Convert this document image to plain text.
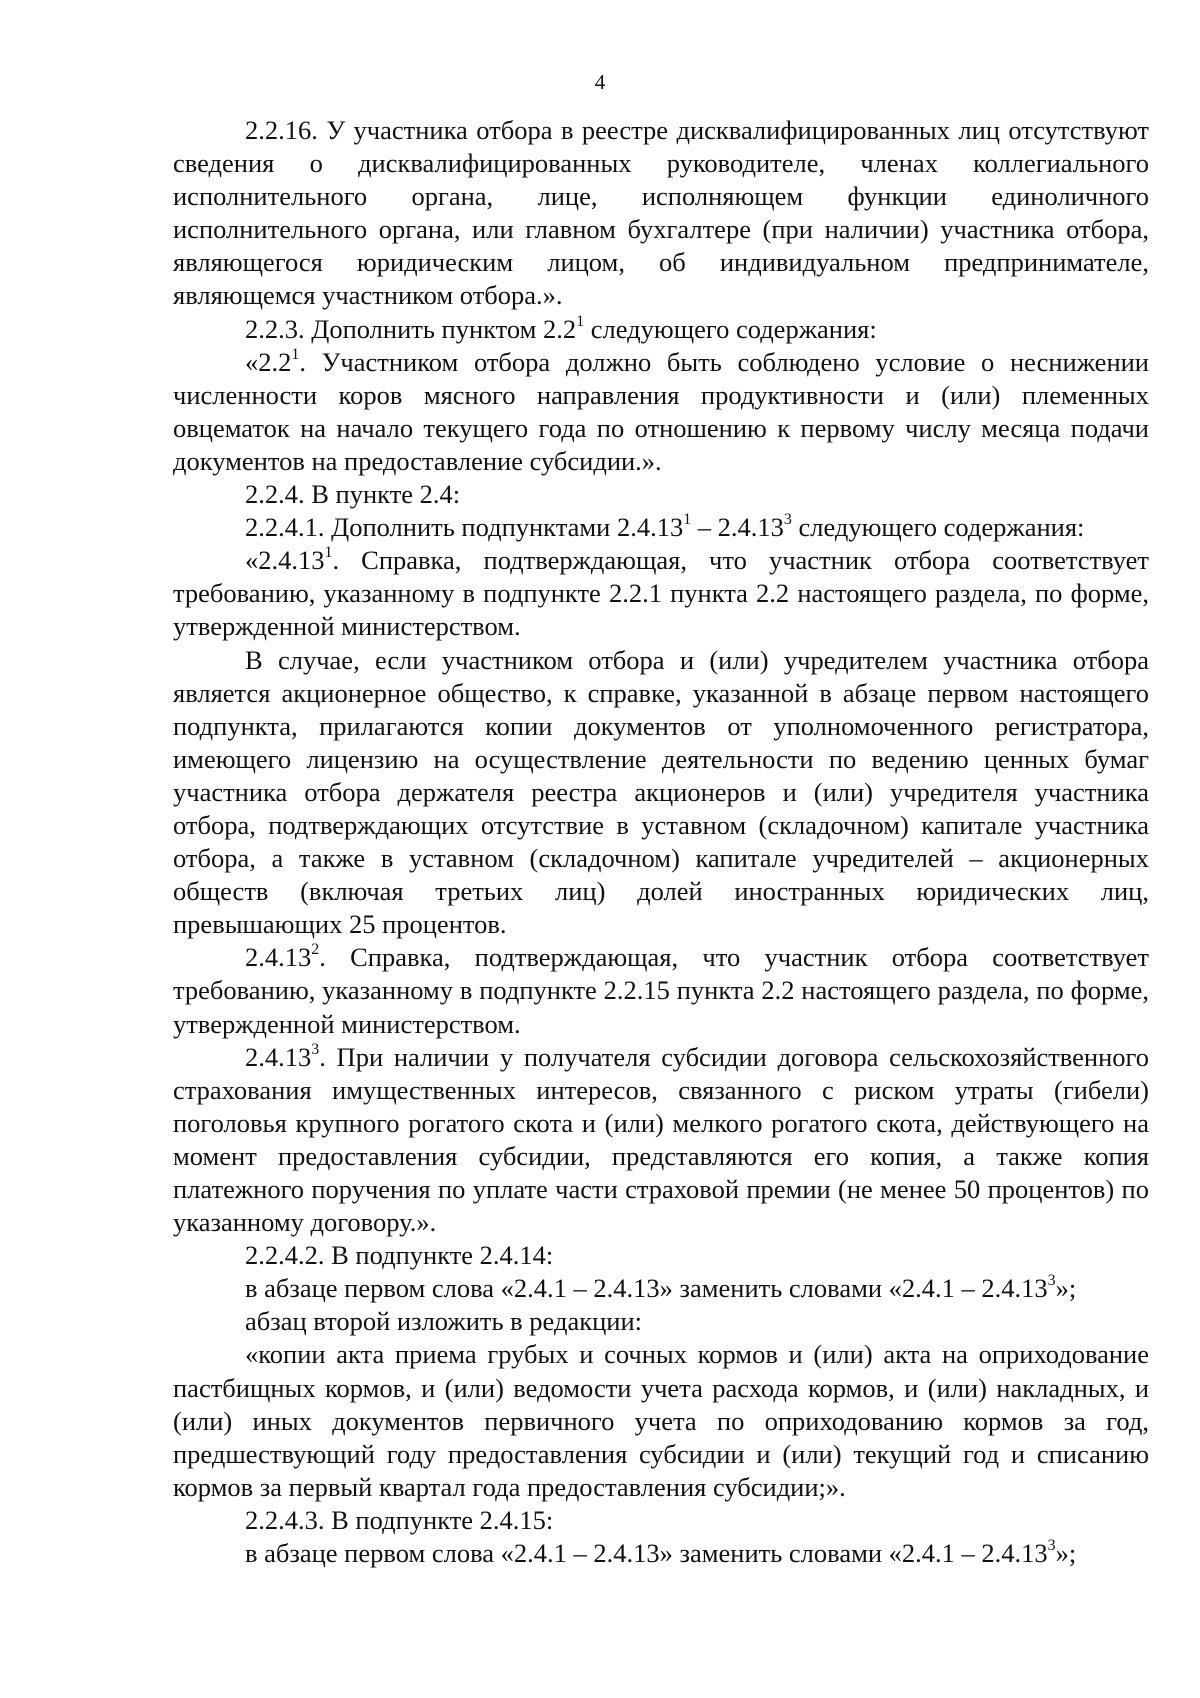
4

2.2.16. У участника отбора в реестре дисквалифицированных лиц отсутствуют сведения о дисквалифицированных руководителе, членах коллегиального исполнительного органа, лице, исполняющем функции единоличного исполнительного органа, или главном бухгалтере (при наличии) участника отбора, являющегося юридическим лицом, об индивидуальном предпринимателе, являющемся участником отбора.».

2.2.3. Дополнить пунктом $2.2^1$ следующего содержания:

«$2.2^1$. Участником отбора должно быть соблюдено условие о неснижении численности коров мясного направления продуктивности и (или) племенных овцематок на начало текущего года по отношению к первому числу месяца подачи документов на предоставление субсидии.».

2.2.4. В пункте 2.4:

2.2.4.1. Дополнить подпунктами 2.4.13$^1$ – 2.4.13$^3$ следующего содержания:

«2.4.13$^1$. Справка, подтверждающая, что участник отбора соответствует требованию, указанному в подпункте 2.2.1 пункта 2.2 настоящего раздела, по форме, утвержденной министерством.

В случае, если участником отбора и (или) учредителем участника отбора является акционерное общество, к справке, указанной в абзаце первом настоящего подпункта, прилагаются копии документов от уполномоченного регистратора, имеющего лицензию на осуществление деятельности по ведению ценных бумаг участника отбора держателя реестра акционеров и (или) учредителя участника отбора, подтверждающих отсутствие в уставном (складочном) капитале участника отбора, а также в уставном (складочном) капитале учредителей – акционерных обществ (включая третьих лиц) долей иностранных юридических лиц, превышающих 25 процентов.

2.4.13$^2$. Справка, подтверждающая, что участник отбора соответствует требованию, указанному в подпункте 2.2.15 пункта 2.2 настоящего раздела, по форме, утвержденной министерством.

2.4.13$^3$. При наличии у получателя субсидии договора сельскохозяйственного страхования имущественных интересов, связанного с риском утраты (гибели) поголовья крупного рогатого скота и (или) мелкого рогатого скота, действующего на момент предоставления субсидии, представляются его копия, а также копия платежного поручения по уплате части страховой премии (не менее 50 процентов) по указанному договору.».

2.2.4.2. В подпункте 2.4.14:

в абзаце первом слова «2.4.1 – 2.4.13» заменить словами «2.4.1 – 2.4.13$^3$»;

абзац второй изложить в редакции:

«копии акта приема грубых и сочных кормов и (или) акта на оприходование пастбищных кормов, и (или) ведомости учета расхода кормов, и (или) накладных, и (или) иных документов первичного учета по оприходованию кормов за год, предшествующий году предоставления субсидии и (или) текущий год и списанию кормов за первый квартал года предоставления субсидии;».

2.2.4.3. В подпункте 2.4.15:

в абзаце первом слова «2.4.1 – 2.4.13» заменить словами «2.4.1 – 2.4.13$^3$»;
